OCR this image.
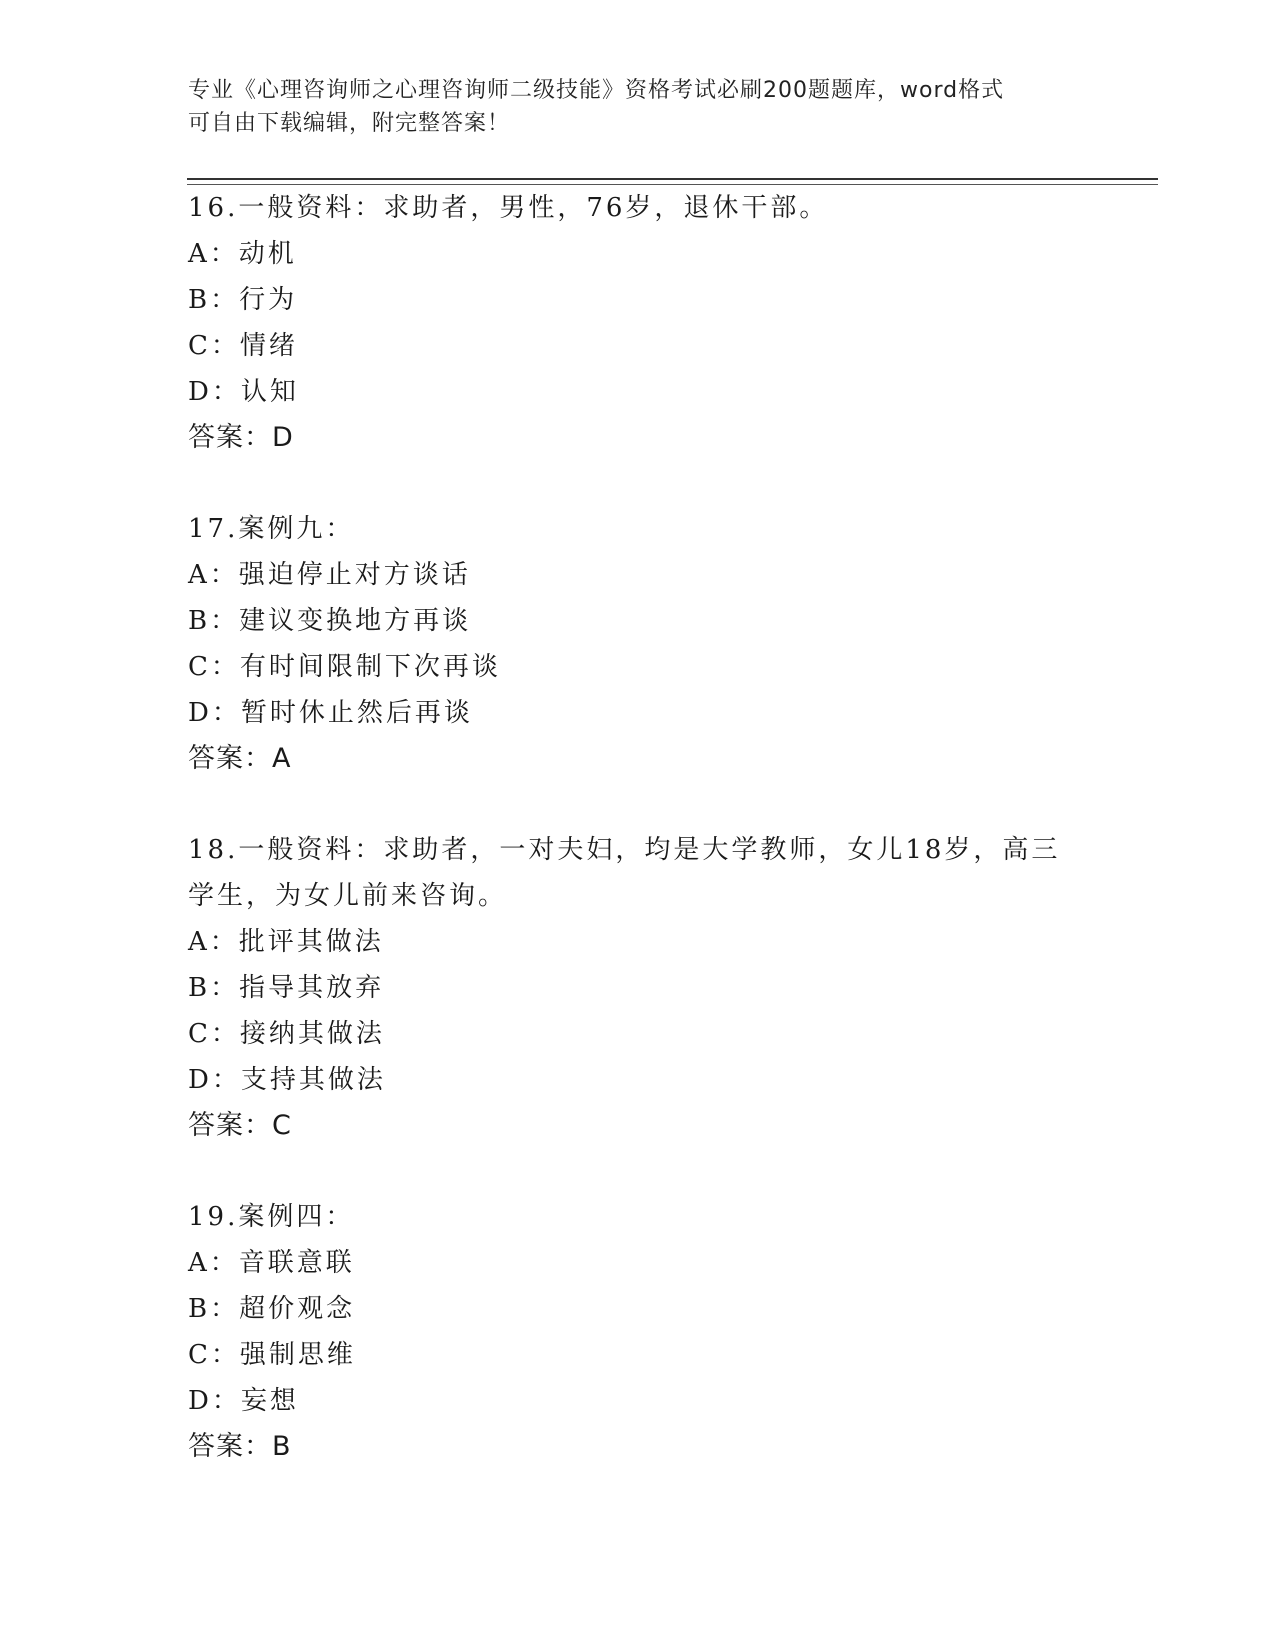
专业《心理咨询师之心理咨询师二级技能》资格考试必刷200题题库，word格式
可自由下载编辑，附完整答案！
16.一般资料：求助者，男性，76岁，退休干部。
A：动机
B：行为
C：情绪
D：认知
答案：D
17.案例九：
A：强迫停止对方谈话
B：建议变换地方再谈
C：有时间限制下次再谈
D：暂时休止然后再谈
答案：A
18.一般资料：求助者，一对夫妇，均是大学教师，女儿18岁，高三
学生，为女儿前来咨询。
A：批评其做法
B：指导其放弃
C：接纳其做法
D：支持其做法
答案：C
19.案例四：
A：音联意联
B：超价观念
C：强制思维
D：妄想
答案：B
